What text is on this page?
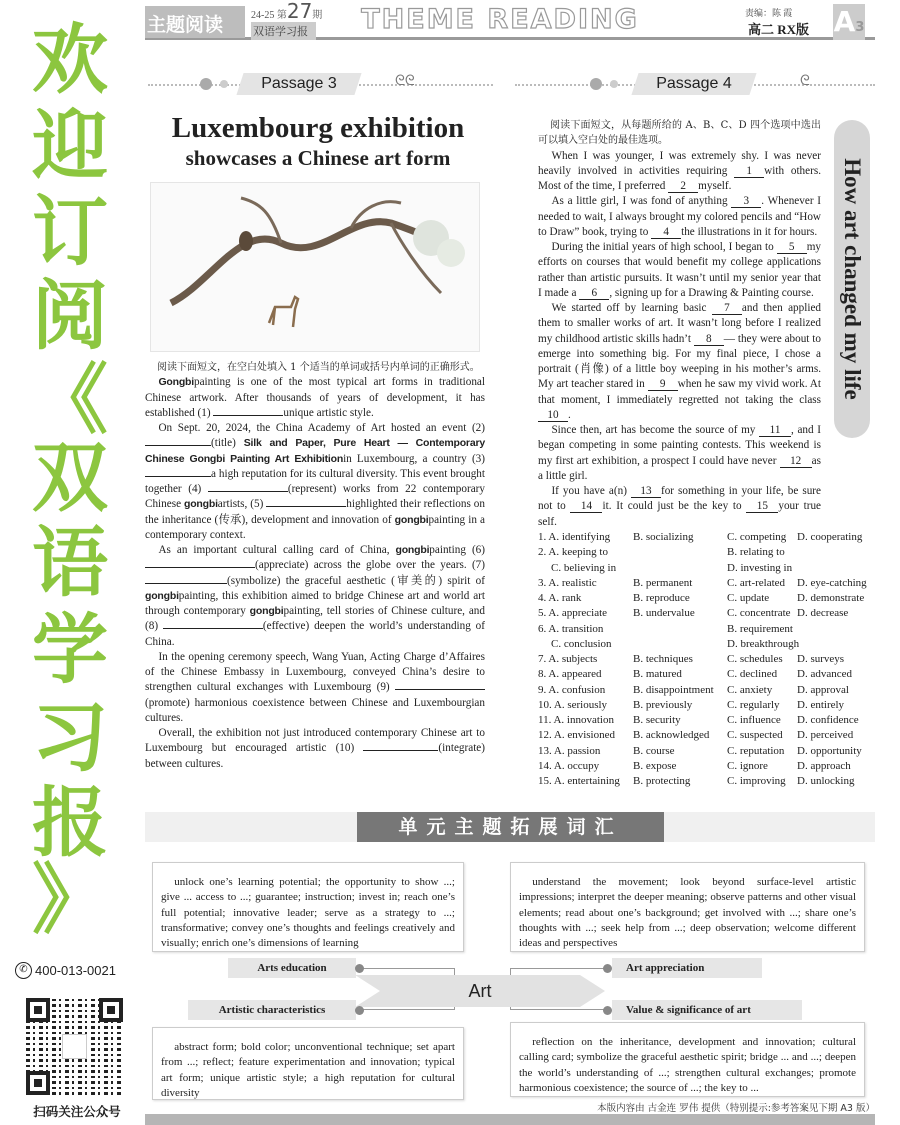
欢
迎
订
阅
《
双
语
学
习
报
》
✆ 400-013-0021
扫码关注公众号
主题阅读	双语学习报
24-25 第27期	THEME READING	责编：陈 霞
高二 RX版 A3
Passage 3	ᘓᘓ	Passage 4	ᘓ
Luxembourg exhibition
showcases a Chinese art form

阅读下面短文，在空白处填入 1 个适当的单词或括号内单词的正确形式。

Gongbipainting is one of the most typical art forms in traditional Chinese artwork. After thousands of years of development, it has established (1)	unique artistic style.

On Sept. 20, 2024, the China Academy of Art hosted an event (2) (title) Silk and Paper, Pure Heart — Contemporary Chinese Gongbi Painting Art Exhibitionin Luxembourg, a country (3) a high reputation for its cultural diversity. This event brought together (4)	(represent) works from 22 contemporary Chinese gongbiartists, (5)	highlighted their reflections on the inheritance (传承), development and innovation of gongbipainting in a contemporary context.

As an important cultural calling card of China, gongbipainting (6) (appreciate) across the globe over the years. (7) (symbolize) the graceful aesthetic (审美的) spirit of gongbipainting, this exhibition aimed to bridge Chinese art and world art through contemporary gongbipainting, tell stories of Chinese culture, and (8)	(effective) deepen the world’s understanding of China.

In the opening ceremony speech, Wang Yuan, Acting Charge d’Affaires of the Chinese Embassy in Luxembourg, conveyed China’s desire to strengthen cultural exchanges with Luxembourg (9) (promote) harmonious coexistence between Chinese and Luxembourgian cultures.

Overall, the exhibition not just introduced contemporary Chinese art to Luxembourg but encouraged artistic (10)	(integrate) between cultures.

阅读下面短文，从每题所给的 A、B、C、D 四个选项中选出可以填入空白处的最佳选项。

When I was younger, I was extremely shy. I was never heavily involved in activities requiring 1 with others. Most of the time, I preferred 2 myself.

As a little girl, I was fond of anything 3 . Whenever I needed to wait, I always brought my colored pencils and “How to Draw” book, trying to 4 the illustrations in it for hours.

During the initial years of high school, I began to 5 my efforts on courses that would benefit my college applications rather than artistic pursuits. It wasn’t until my senior year that I made a 6 , signing up for a Drawing & Painting course.

We started off by learning basic 7 and then applied them to smaller works of art. It wasn’t long before I realized my childhood artistic skills hadn’t 8 — they were about to emerge into something big. For my final piece, I chose a portrait (肖像) of a little boy weeping in his mother’s arms. My art teacher stared in 9 when he saw my vivid work. At that moment, I immediately regretted not taking the class 10 .

Since then, art has become the source of my 11 , and I began competing in some painting contests. This weekend is my first art exhibition, a prospect I could have never 12 as a little girl.

If you have a(n) 13 for something in your life, be sure not to 14 it. It could just be the key to 15 your true self.

How art changed my life
1. A. identifying	B. socializing	C. competing D. cooperating
2. A. keeping to	B. relating to
C. believing in	D. investing in
3. A. realistic	B. permanent	C. art-related	D. eye-catching
4. A. rank	B. reproduce	C. update	D. demonstrate
5. A. appreciate	B. undervalue	C. concentrate D. decrease
6. A. transition	B. requirement
C. conclusion	D. breakthrough
7. A. subjects	B. techniques	C. schedules	D. surveys
8. A. appeared	B. matured	C. declined	D. advanced
9. A. confusion	B. disappointment	C. anxiety	D. approval
10. A. seriously	B. previously	C. regularly	D. entirely
11. A. innovation	B. security	C. influence	D. confidence
12. A. envisioned	B. acknowledged	C. suspected	D. perceived
13. A. passion	B. course	C. reputation	D. opportunity
14. A. occupy	B. expose	C. ignore	D. approach
15. A. entertaining	B. protecting	C. improving	D. unlocking
单元主题拓展词汇

unlock one’s learning potential; the opportunity to show ...; give ... access to ...; guarantee; instruction; invest in; reach one’s full potential; innovative leader; serve as a strategy to ...; transformative; convey one’s thoughts and feelings creatively and visually; enrich one’s dimensions of learning

understand the movement; look beyond surface-level artistic impressions; interpret the deeper meaning; observe patterns and other visual elements; read about one’s background; get involved with ...; share one’s thoughts with ...; seek help from ...; deep observation; welcome different ideas and perspectives

abstract form; bold color; unconventional technique; set apart from ...; reflect; feature experimentation and innovation; typical art form; unique artistic style; a high reputation for cultural diversity

reflection on the inheritance, development and innovation; cultural calling card; symbolize the graceful aesthetic spirit; bridge ... and ...; deepen the world’s understanding of ...; strengthen cultural exchanges; promote harmonious coexistence; the source of ...; the key to ...

Art
Arts education
Artistic characteristics
Art appreciation
Value & significance of art
本版内容由 古金连 罗伟 提供（特别提示:参考答案见下期 A3 版）
